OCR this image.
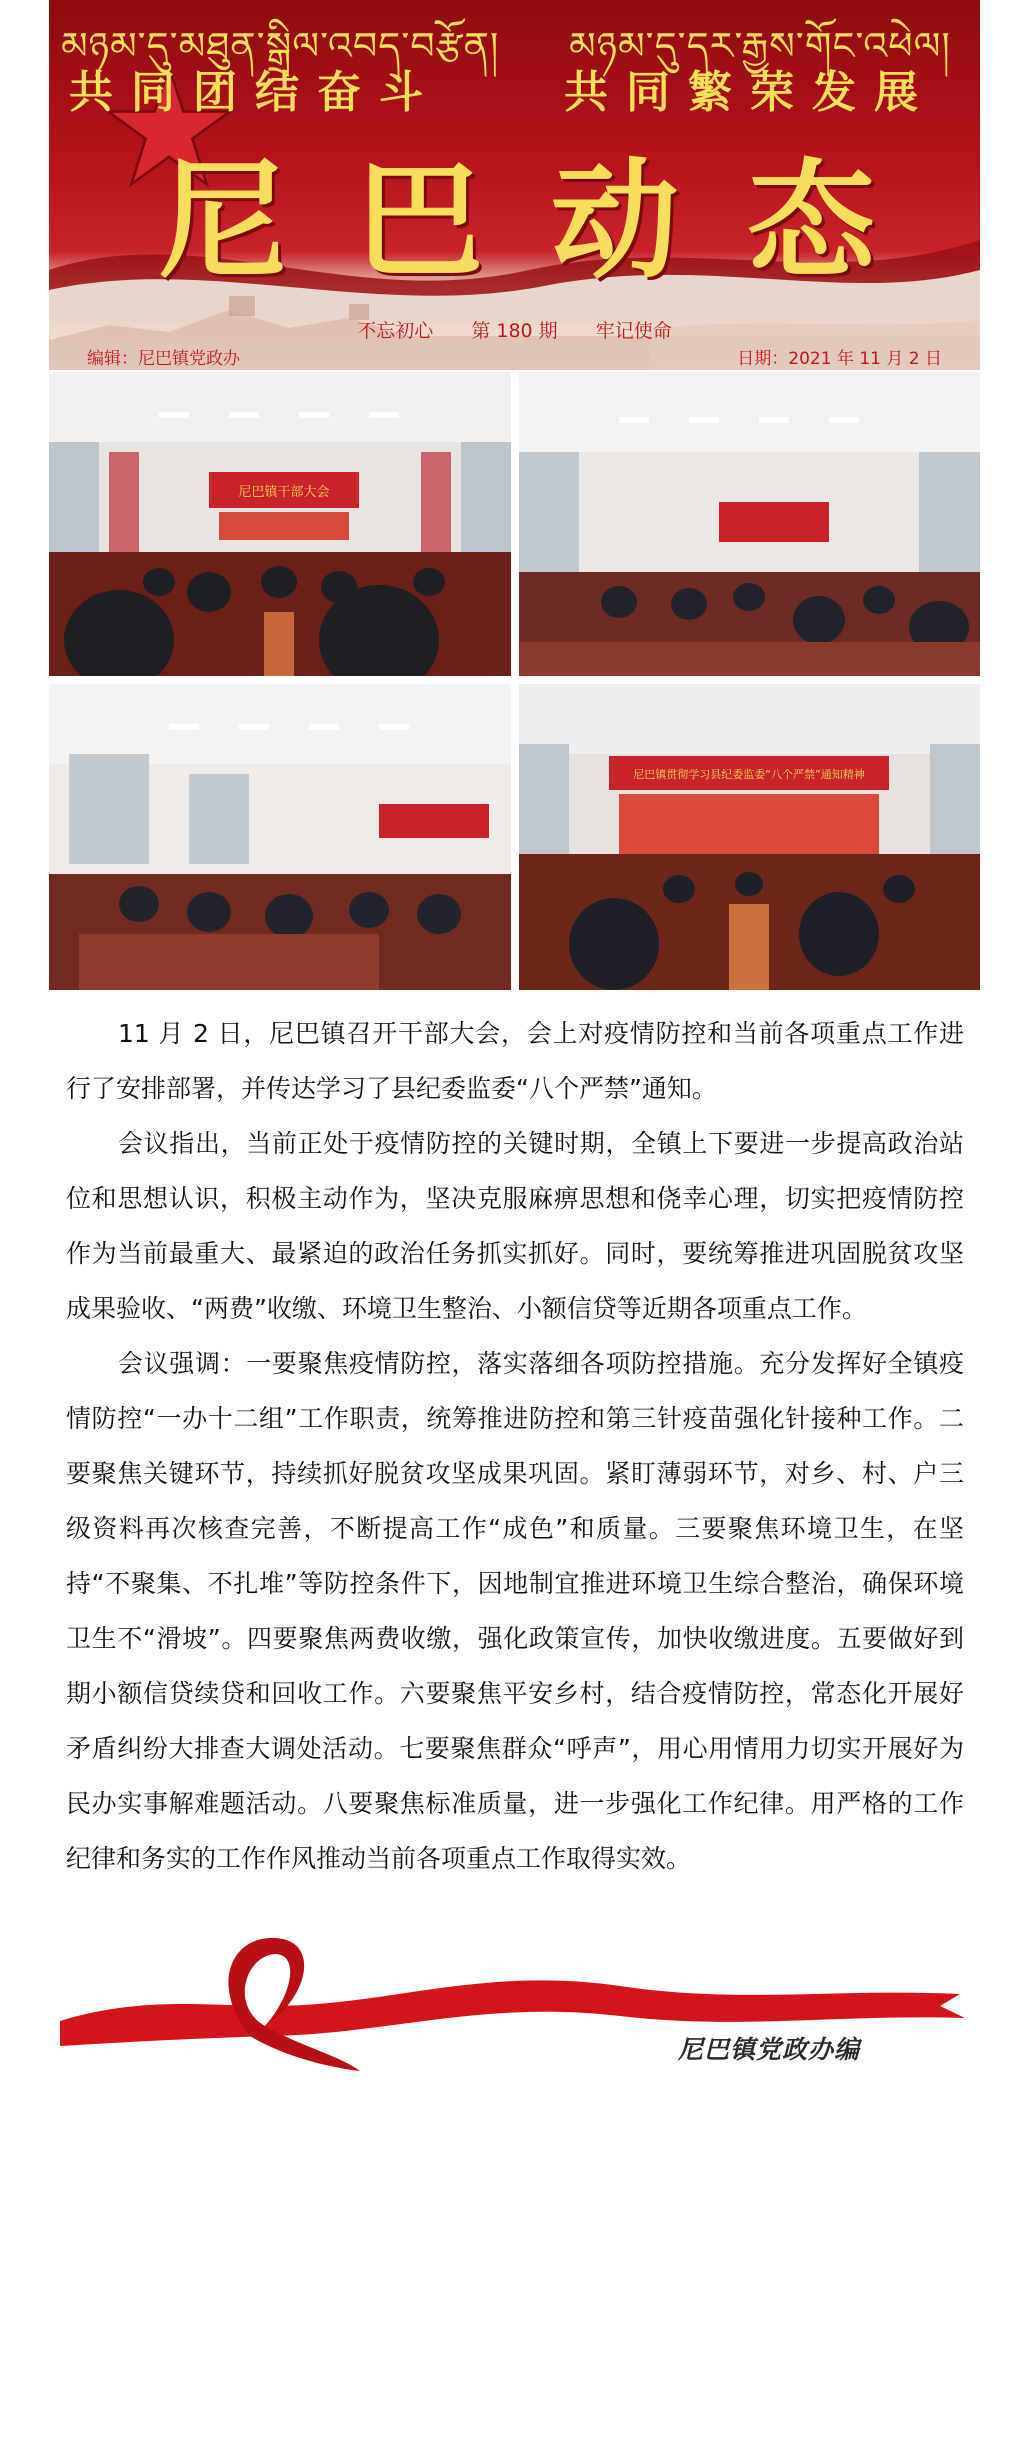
མཉམ་དུ་མཐུན་སྒྲིལ་འབད་བརྩོན། མཉམ་དུ་དར་རྒྱས་གོང་འཕེལ།
共同团结奋斗	共同繁荣发展
尼巴动态
不忘初心 第 180 期 牢记使命
编辑：尼巴镇党政办	日期：2021 年 11 月 2 日
尼巴镇干部大会
尼巴镇贯彻学习县纪委监委“八个严禁”通知精神

11 月 2 日，尼巴镇召开干部大会，会上对疫情防控和当前各项重点工作进行了安排部署，并传达学习了县纪委监委“八个严禁”通知。

会议指出，当前正处于疫情防控的关键时期，全镇上下要进一步提高政治站位和思想认识，积极主动作为，坚决克服麻痹思想和侥幸心理，切实把疫情防控作为当前最重大、最紧迫的政治任务抓实抓好。同时，要统筹推进巩固脱贫攻坚成果验收、“两费”收缴、环境卫生整治、小额信贷等近期各项重点工作。

会议强调：一要聚焦疫情防控，落实落细各项防控措施。充分发挥好全镇疫情防控“一办十二组”工作职责，统筹推进防控和第三针疫苗强化针接种工作。二要聚焦关键环节，持续抓好脱贫攻坚成果巩固。紧盯薄弱环节，对乡、村、户三级资料再次核查完善，不断提高工作“成色”和质量。三要聚焦环境卫生，在坚持“不聚集、不扎堆”等防控条件下，因地制宜推进环境卫生综合整治，确保环境卫生不“滑坡”。四要聚焦两费收缴，强化政策宣传，加快收缴进度。五要做好到期小额信贷续贷和回收工作。六要聚焦平安乡村，结合疫情防控，常态化开展好矛盾纠纷大排查大调处活动。七要聚焦群众“呼声”，用心用情用力切实开展好为民办实事解难题活动。八要聚焦标准质量，进一步强化工作纪律。用严格的工作纪律和务实的工作作风推动当前各项重点工作取得实效。

尼巴镇党政办编
